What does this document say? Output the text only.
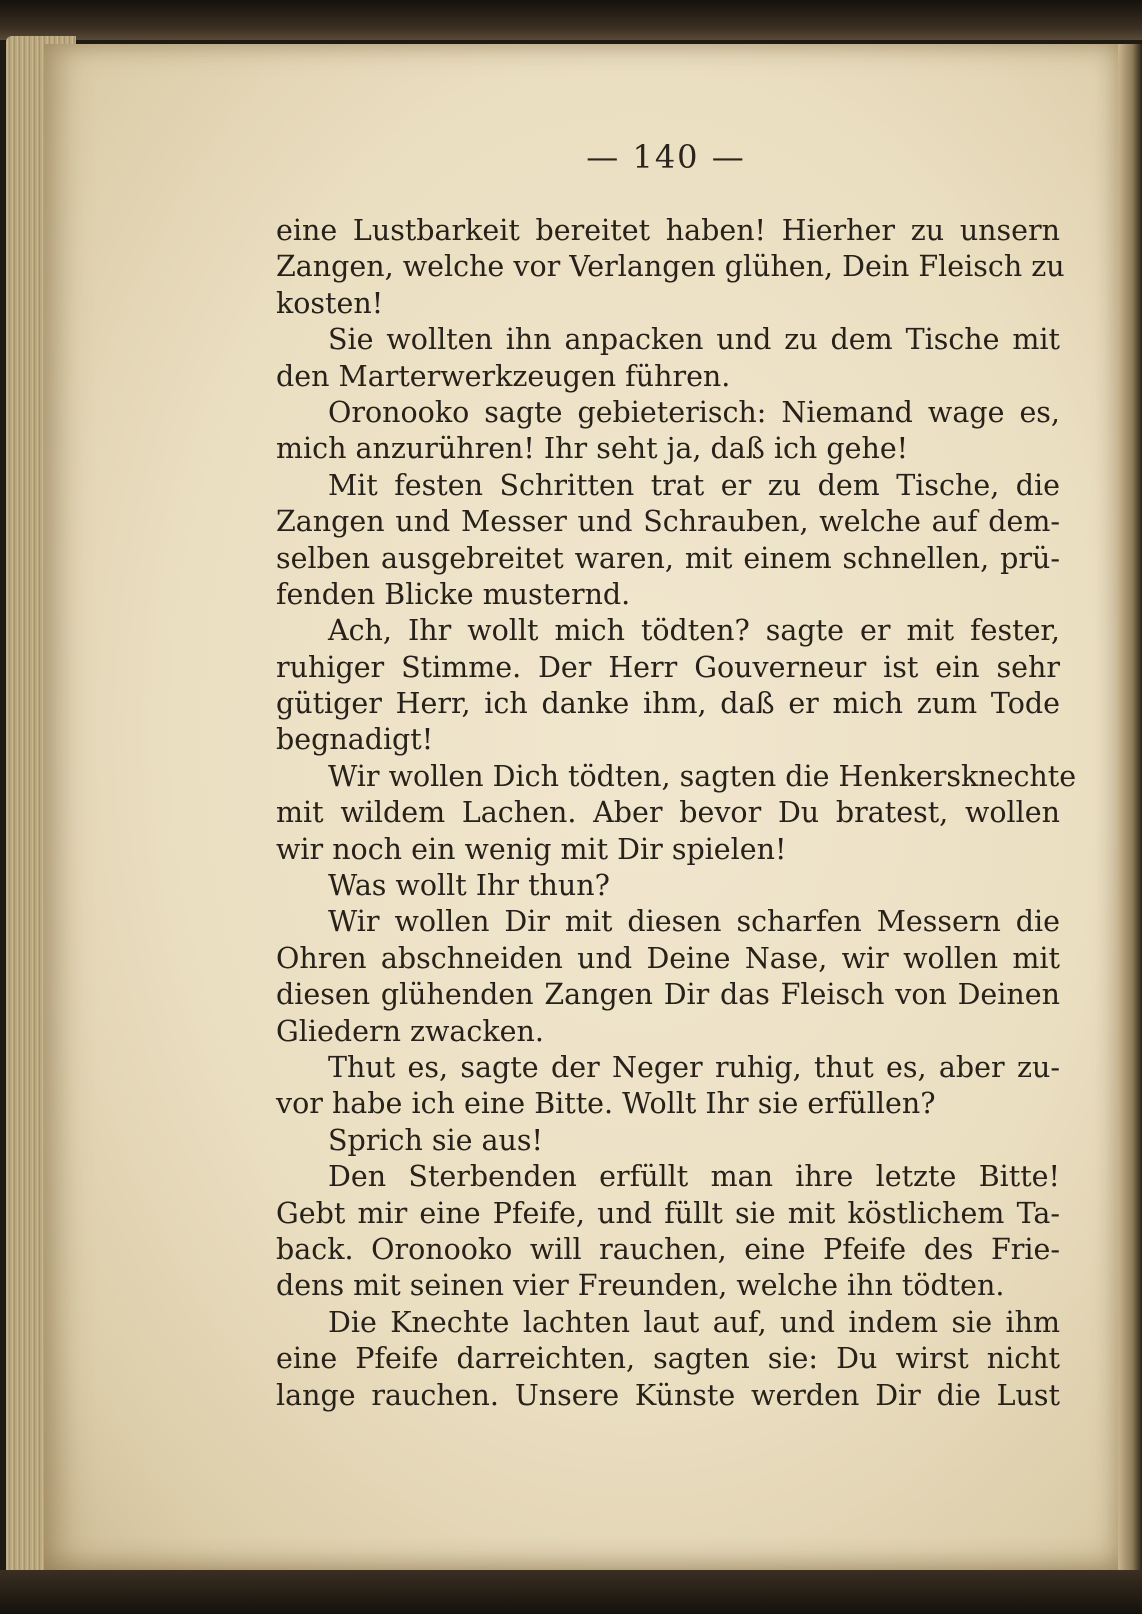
— 140 —
eine Lustbarkeit bereitet haben! Hierher zu unsern
Zangen, welche vor Verlangen glühen, Dein Fleisch zu
kosten!
Sie wollten ihn anpacken und zu dem Tische mit
den Marterwerkzeugen führen.
Oronooko sagte gebieterisch: Niemand wage es,
mich anzurühren! Ihr seht ja, daß ich gehe!
Mit festen Schritten trat er zu dem Tische, die
Zangen und Messer und Schrauben, welche auf dem-
selben ausgebreitet waren, mit einem schnellen, prü-
fenden Blicke musternd.
Ach, Ihr wollt mich tödten? sagte er mit fester,
ruhiger Stimme. Der Herr Gouverneur ist ein sehr
gütiger Herr, ich danke ihm, daß er mich zum Tode
begnadigt!
Wir wollen Dich tödten, sagten die Henkersknechte
mit wildem Lachen. Aber bevor Du bratest, wollen
wir noch ein wenig mit Dir spielen!
Was wollt Ihr thun?
Wir wollen Dir mit diesen scharfen Messern die
Ohren abschneiden und Deine Nase, wir wollen mit
diesen glühenden Zangen Dir das Fleisch von Deinen
Gliedern zwacken.
Thut es, sagte der Neger ruhig, thut es, aber zu-
vor habe ich eine Bitte. Wollt Ihr sie erfüllen?
Sprich sie aus!
Den Sterbenden erfüllt man ihre letzte Bitte!
Gebt mir eine Pfeife, und füllt sie mit köstlichem Ta-
back. Oronooko will rauchen, eine Pfeife des Frie-
dens mit seinen vier Freunden, welche ihn tödten.
Die Knechte lachten laut auf, und indem sie ihm
eine Pfeife darreichten, sagten sie: Du wirst nicht
lange rauchen. Unsere Künste werden Dir die Lust
